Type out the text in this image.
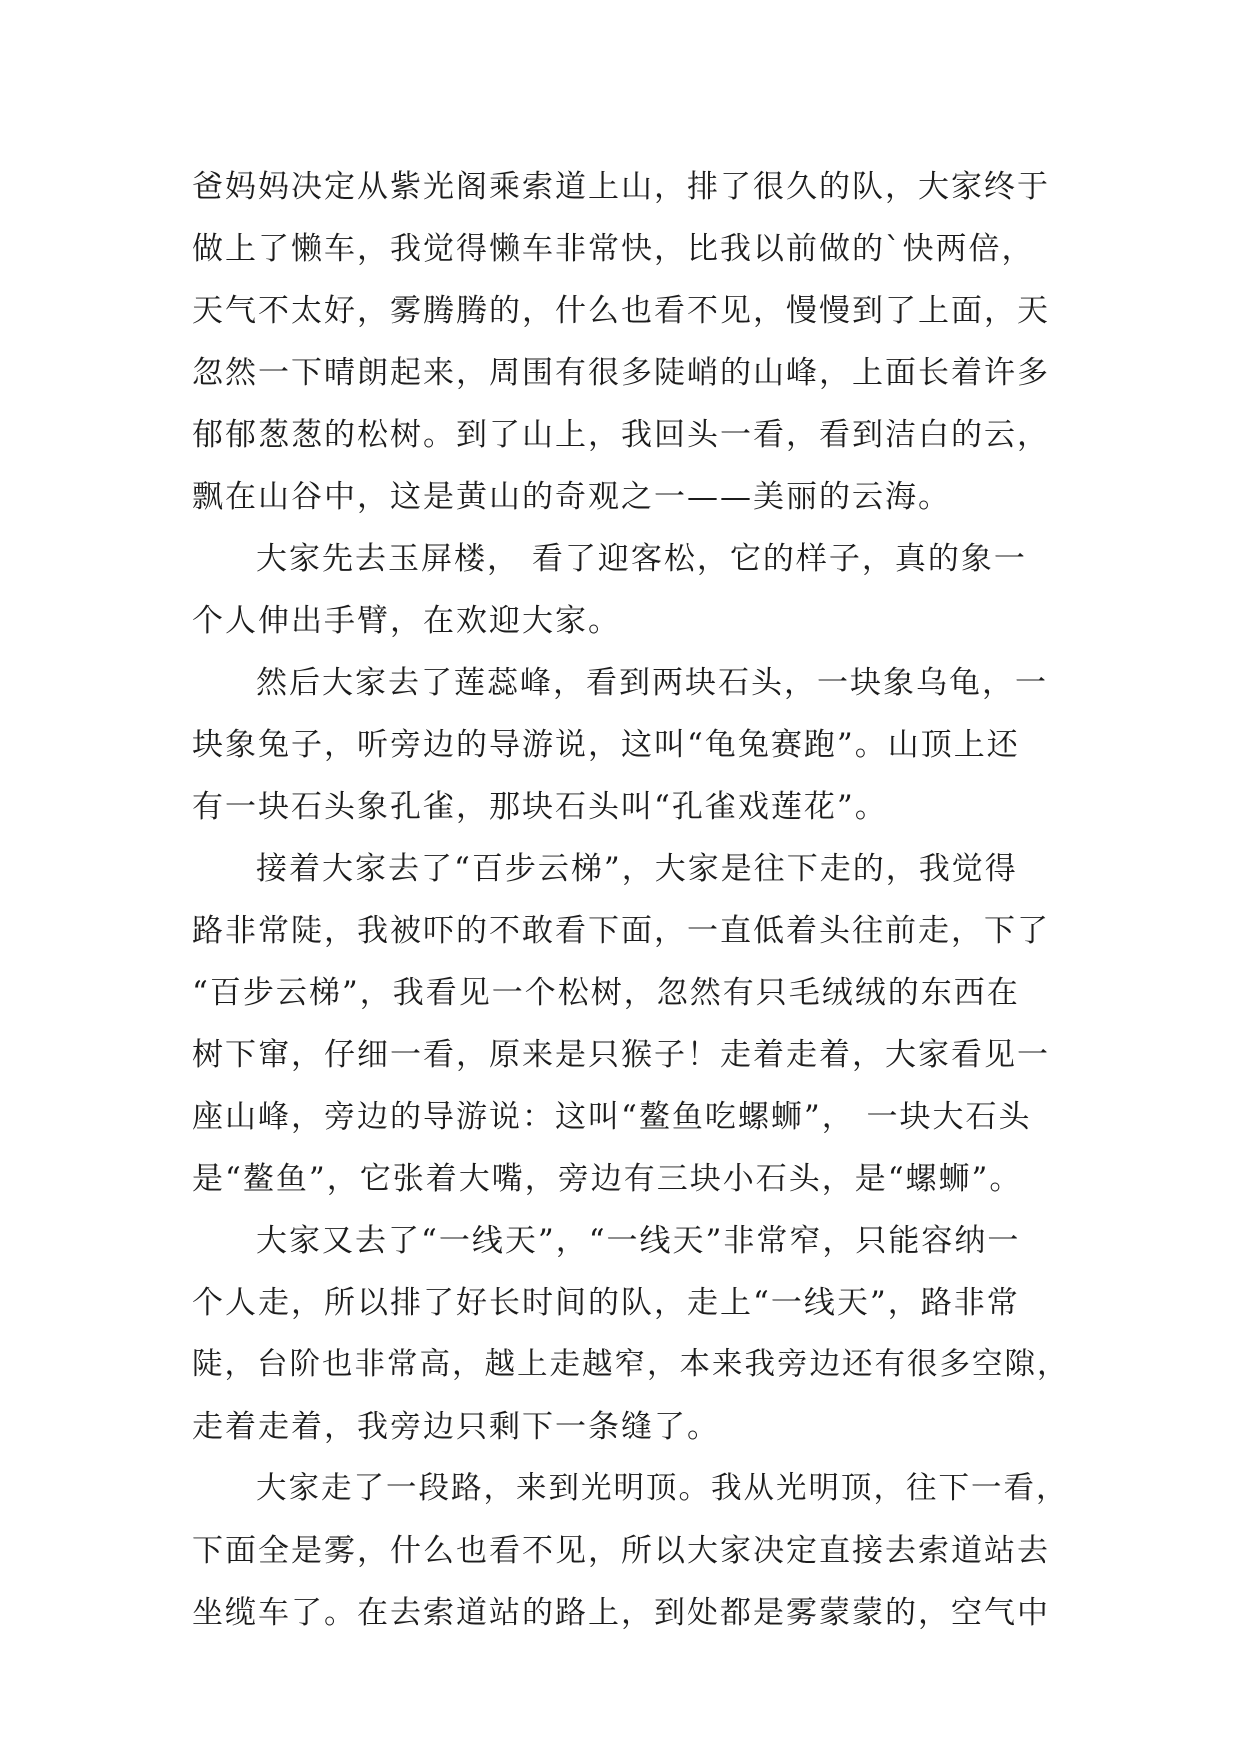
爸妈妈决定从紫光阁乘索道上山，排了很久的队，大家终于
做上了懒车，我觉得懒车非常快，比我以前做的`快两倍，
天气不太好，雾腾腾的，什么也看不见，慢慢到了上面，天
忽然一下晴朗起来，周围有很多陡峭的山峰，上面长着许多
郁郁葱葱的松树。到了山上，我回头一看，看到洁白的云，
飘在山谷中，这是黄山的奇观之一——美丽的云海。
大家先去玉屏楼， 看了迎客松，它的样子，真的象一
个人伸出手臂，在欢迎大家。
然后大家去了莲蕊峰，看到两块石头，一块象乌龟，一
块象兔子，听旁边的导游说，这叫“龟兔赛跑”。山顶上还
有一块石头象孔雀，那块石头叫“孔雀戏莲花”。
接着大家去了“百步云梯”，大家是往下走的，我觉得
路非常陡，我被吓的不敢看下面，一直低着头往前走，下了
“百步云梯”，我看见一个松树，忽然有只毛绒绒的东西在
树下窜，仔细一看，原来是只猴子！走着走着，大家看见一
座山峰，旁边的导游说：这叫“鳌鱼吃螺蛳”， 一块大石头
是“鳌鱼”，它张着大嘴，旁边有三块小石头，是“螺蛳”。
大家又去了“一线天”，“一线天”非常窄，只能容纳一
个人走，所以排了好长时间的队，走上“一线天”，路非常
陡，台阶也非常高，越上走越窄，本来我旁边还有很多空隙，
走着走着，我旁边只剩下一条缝了。
大家走了一段路，来到光明顶。我从光明顶，往下一看，
下面全是雾，什么也看不见，所以大家决定直接去索道站去
坐缆车了。在去索道站的路上，到处都是雾蒙蒙的，空气中
